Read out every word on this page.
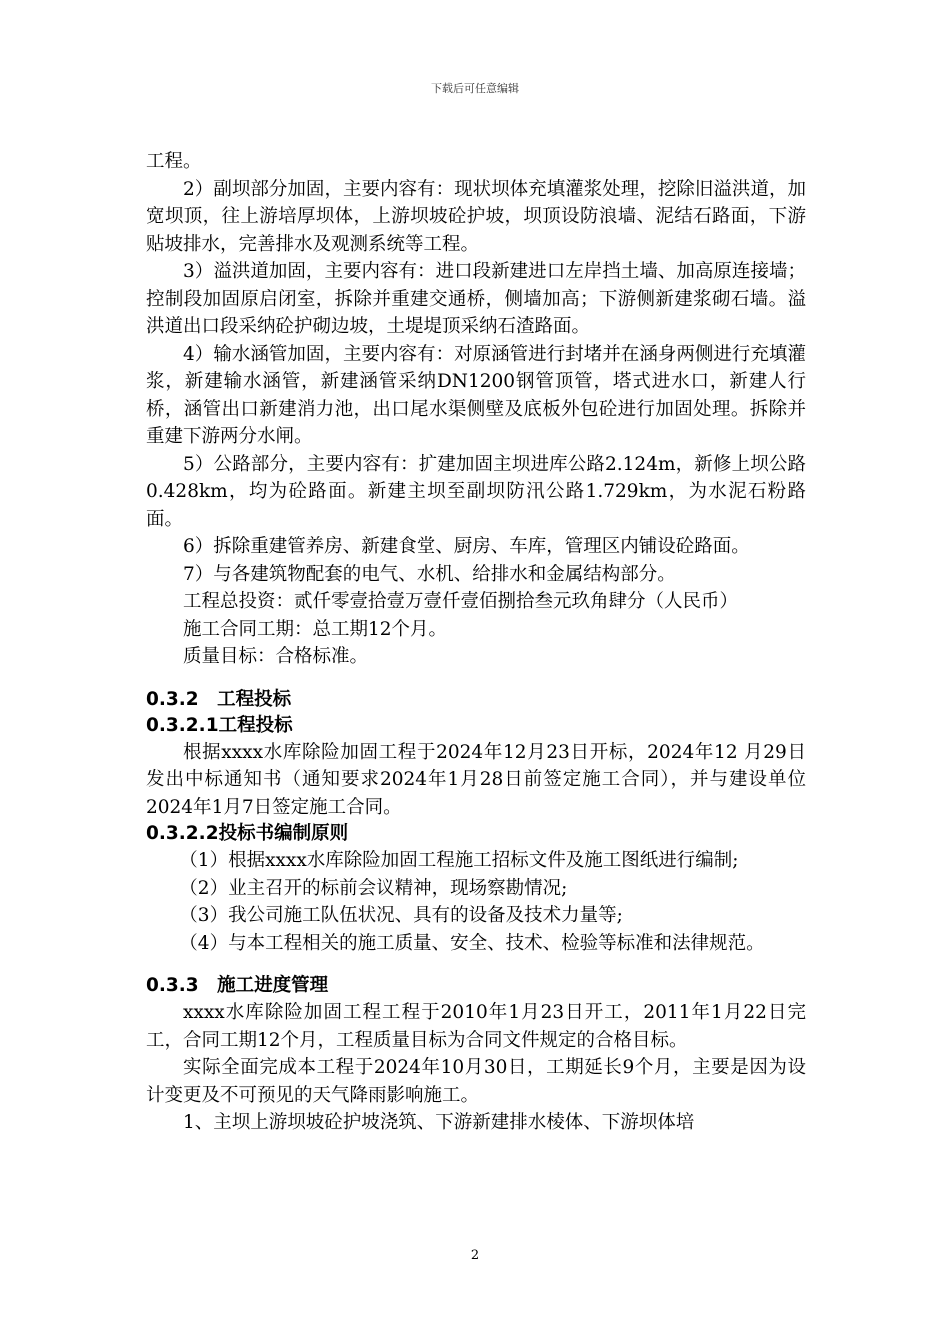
下载后可任意编辑

工程。

2）副坝部分加固，主要内容有：现状坝体充填灌浆处理，挖除旧溢洪道，加宽坝顶，往上游培厚坝体，上游坝坡砼护坡，坝顶设防浪墙、泥结石路面，下游贴坡排水，完善排水及观测系统等工程。

3）溢洪道加固，主要内容有：进口段新建进口左岸挡土墙、加高原连接墙；控制段加固原启闭室，拆除并重建交通桥，侧墙加高；下游侧新建浆砌石墙。溢洪道出口段采纳砼护砌边坡，土堤堤顶采纳石渣路面。

4）输水涵管加固，主要内容有：对原涵管进行封堵并在涵身两侧进行充填灌浆，新建输水涵管，新建涵管采纳DN1200钢管顶管，塔式进水口，新建人行桥，涵管出口新建消力池，出口尾水渠侧壁及底板外包砼进行加固处理。拆除并重建下游两分水闸。

5）公路部分，主要内容有：扩建加固主坝进库公路2.124m，新修上坝公路0.428km，均为砼路面。新建主坝至副坝防汛公路1.729km，为水泥石粉路面。

6）拆除重建管养房、新建食堂、厨房、车库，管理区内铺设砼路面。

7）与各建筑物配套的电气、水机、给排水和金属结构部分。

工程总投资：贰仟零壹拾壹万壹仟壹佰捌拾叁元玖角肆分（人民币）

施工合同工期：总工期12个月。

质量目标：合格标准。

0.3.2　工程投标

0.3.2.1工程投标

根据xxxx水库除险加固工程于2024年12月23日开标，2024年12 月29日发出中标通知书（通知要求2024年1月28日前签定施工合同），并与建设单位2024年1月7日签定施工合同。

0.3.2.2投标书编制原则

（1）根据xxxx水库除险加固工程施工招标文件及施工图纸进行编制;

（2）业主召开的标前会议精神，现场察勘情况;

（3）我公司施工队伍状况、具有的设备及技术力量等;

（4）与本工程相关的施工质量、安全、技术、检验等标准和法律规范。

0.3.3　施工进度管理

xxxx水库除险加固工程工程于2010年1月23日开工，2011年1月22日完工，合同工期12个月，工程质量目标为合同文件规定的合格目标。

实际全面完成本工程于2024年10月30日，工期延长9个月，主要是因为设计变更及不可预见的天气降雨影响施工。

1、主坝上游坝坡砼护坡浇筑、下游新建排水棱体、下游坝体培

2
